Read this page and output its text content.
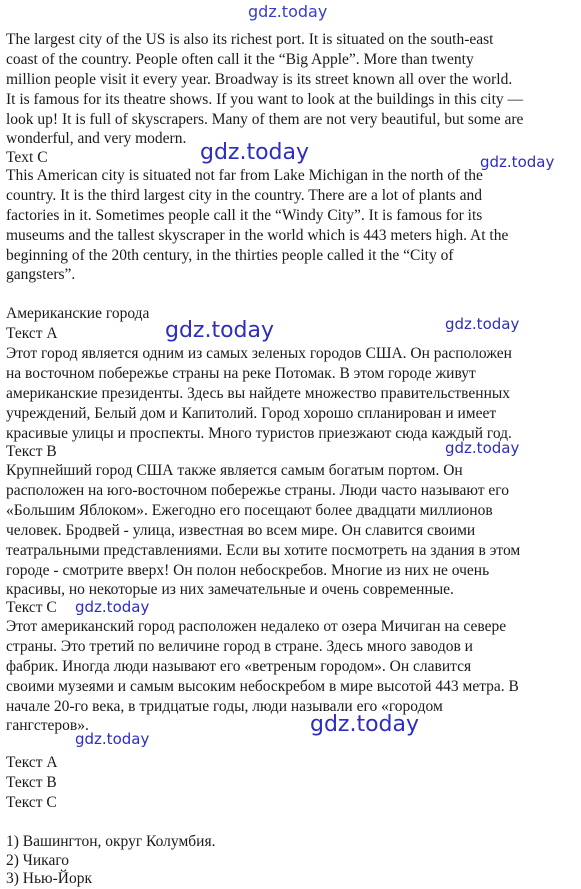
gdz.today
gdz.today	gdz.today
gdz.today	gdz.today
gdz.today
gdz.today
gdz.today
gdz.today
The largest city of the US is also its richest port. It is situated on the south-east
coast of the country. People often call it the “Big Apple”. More than twenty
million people visit it every year. Broadway is its street known all over the world.
It is famous for its theatre shows. If you want to look at the buildings in this city —
look up! It is full of skyscrapers. Many of them are not very beautiful, but some are
wonderful, and very modern.
Text C
This American city is situated not far from Lake Michigan in the north of the
country. It is the third largest city in the country. There are a lot of plants and
factories in it. Sometimes people call it the “Windy City”. It is famous for its
museums and the tallest skyscraper in the world which is 443 meters high. At the
beginning of the 20th century, in the thirties people called it the “City of
gangsters”.
Американские города
Текст А
Этот город является одним из самых зеленых городов США. Он расположен
на восточном побережье страны на реке Потомак. В этом городе живут
американские президенты. Здесь вы найдете множество правительственных
учреждений, Белый дом и Капитолий. Город хорошо спланирован и имеет
красивые улицы и проспекты. Много туристов приезжают сюда каждый год.
Текст B
Крупнейший город США также является самым богатым портом. Он
расположен на юго-восточном побережье страны. Люди часто называют его
«Большим Яблоком». Ежегодно его посещают более двадцати миллионов
человек. Бродвей - улица, известная во всем мире. Он славится своими
театральными представлениями. Если вы хотите посмотреть на здания в этом
городе - смотрите вверх! Он полон небоскребов. Многие из них не очень
красивы, но некоторые из них замечательные и очень современные.
Текст C
Этот американский город расположен недалеко от озера Мичиган на севере
страны. Это третий по величине город в стране. Здесь много заводов и
фабрик. Иногда люди называют его «ветреным городом». Он славится
своими музеями и самым высоким небоскребом в мире высотой 443 метра. В
начале 20-го века, в тридцатые годы, люди называли его «городом
гангстеров».
Текст А
Текст B
Текст C
1) Вашингтон, округ Колумбия.
2) Чикаго
3) Нью-Йорк
